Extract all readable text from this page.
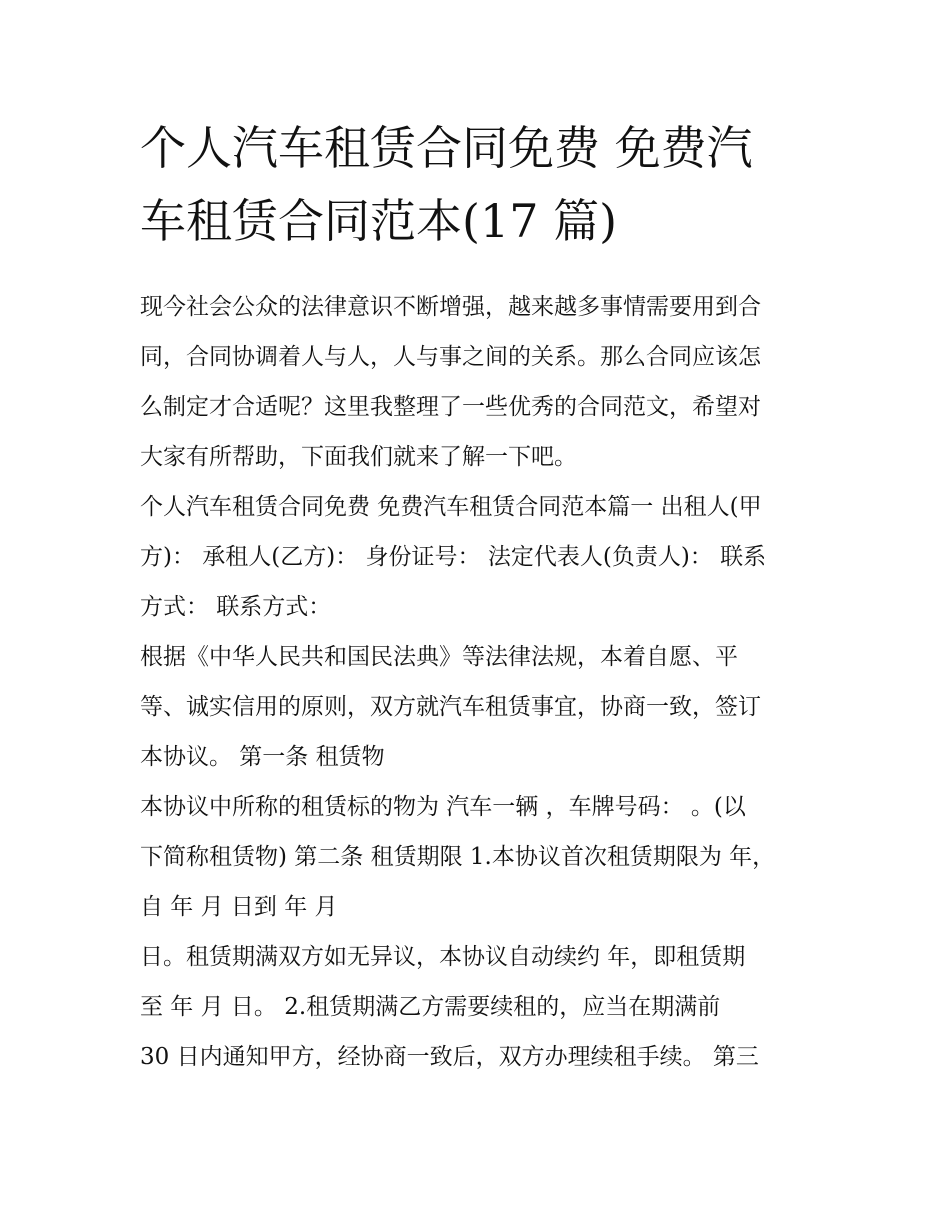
个人汽车租赁合同免费 免费汽
车租赁合同范本(17 篇)
现今社会公众的法律意识不断增强，越来越多事情需要用到合
同，合同协调着人与人，人与事之间的关系。那么合同应该怎
么制定才合适呢？这里我整理了一些优秀的合同范文，希望对
大家有所帮助，下面我们就来了解一下吧。
个人汽车租赁合同免费 免费汽车租赁合同范本篇一 出租人(甲
方)： 承租人(乙方)： 身份证号： 法定代表人(负责人)： 联系
方式： 联系方式：
根据《中华人民共和国民法典》等法律法规，本着自愿、平
等、诚实信用的原则，双方就汽车租赁事宜，协商一致，签订
本协议。 第一条 租赁物
本协议中所称的租赁标的物为 汽车一辆 ，车牌号码： 。(以
下简称租赁物) 第二条 租赁期限 1.本协议首次租赁期限为 年，
自 年 月 日到 年 月
日。租赁期满双方如无异议，本协议自动续约 年，即租赁期
至 年 月 日。 2.租赁期满乙方需要续租的，应当在期满前
30 日内通知甲方，经协商一致后，双方办理续租手续。 第三
